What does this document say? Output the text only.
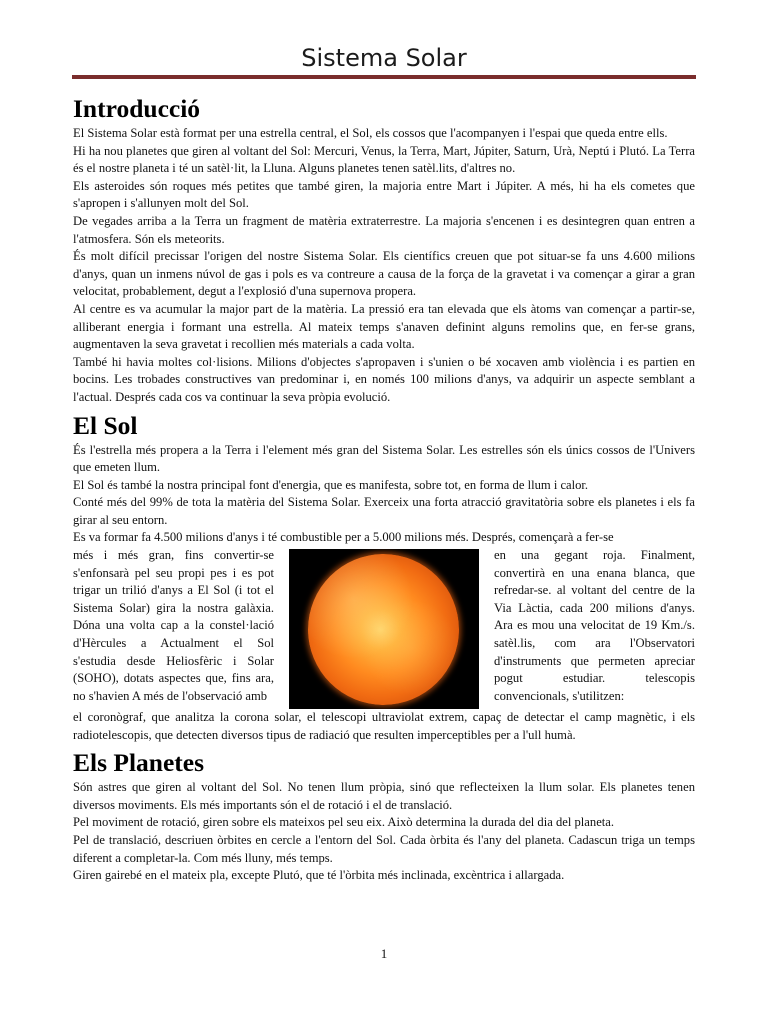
Sistema Solar
Introducció

El Sistema Solar està format per una estrella central, el Sol, els cossos que l'acompanyen i l'espai que queda entre ells.

Hi ha nou planetes que giren al voltant del Sol: Mercuri, Venus, la Terra, Mart, Júpiter, Saturn, Urà, Neptú i Plutó. La Terra és el nostre planeta i té un satèl·lit, la Lluna. Alguns planetes tenen satèl.lits, d'altres no.

Els asteroides són roques més petites que també giren, la majoria entre Mart i Júpiter. A més, hi ha els cometes que s'apropen i s'allunyen molt del Sol.

De vegades arriba a la Terra un fragment de matèria extraterrestre. La majoria s'encenen i es desintegren quan entren a l'atmosfera. Són els meteorits.

És molt difícil precissar l'origen del nostre Sistema Solar. Els científics creuen que pot situar-se fa uns 4.600 milions d'anys, quan un inmens núvol de gas i pols es va contreure a causa de la força de la gravetat i va començar a girar a gran velocitat, probablement, degut a l'explosió d'una supernova propera.

Al centre es va acumular la major part de la matèria. La pressió era tan elevada que els àtoms van començar a partir-se, alliberant energia i formant una estrella. Al mateix temps s'anaven definint alguns remolins que, en fer-se grans, augmentaven la seva gravetat i recollien més materials a cada volta.

També hi havia moltes col·lisions. Milions d'objectes s'apropaven i s'unien o bé xocaven amb violència i es partien en bocins. Les trobades constructives van predominar i, en només 100 milions d'anys, va adquirir un aspecte semblant a l'actual. Després cada cos va continuar la seva pròpia evolució.

El Sol

És l'estrella més propera a la Terra i l'element més gran del Sistema Solar. Les estrelles són els únics cossos de l'Univers que emeten llum.

El Sol és també la nostra principal font d'energia, que es manifesta, sobre tot, en forma de llum i calor.

Conté més del 99% de tota la matèria del Sistema Solar. Exerceix una forta atracció gravitatòria sobre els planetes i els fa girar al seu entorn.

Es va formar fa 4.500 milions d'anys i té combustible per a 5.000 milions més. Després, començarà a fer-se

més i més gran, fins convertir-se s'enfonsarà pel seu propi pes i es pot trigar un trilió d'anys a El Sol (i tot el Sistema Solar) gira la nostra galàxia. Dóna una volta cap a la constel·lació d'Hèrcules a Actualment el Sol s'estudia desde Heliosfèric i Solar (SOHO), dotats aspectes que, fins ara, no s'havien A més de l'observació amb

en una gegant roja. Finalment, convertirà en una enana blanca, que refredar-se. al voltant del centre de la Via Làctia, cada 200 milions d'anys. Ara es mou una velocitat de 19 Km./s. satèl.lis, com ara l'Observatori d'instruments que permeten apreciar pogut estudiar. telescopis convencionals, s'utilitzen:

el coronògraf, que analitza la corona solar, el telescopi ultraviolat extrem, capaç de detectar el camp magnètic, i els radiotelescopis, que detecten diversos tipus de radiació que resulten imperceptibles per a l'ull humà.

Els Planetes

Són astres que giren al voltant del Sol. No tenen llum pròpia, sinó que reflecteixen la llum solar. Els planetes tenen diversos moviments. Els més importants són el de rotació i el de translació.

Pel moviment de rotació, giren sobre els mateixos pel seu eix. Això determina la durada del dia del planeta.

Pel de translació, descriuen òrbites en cercle a l'entorn del Sol. Cada òrbita és l'any del planeta. Cadascun triga un temps diferent a completar-la. Com més lluny, més temps.

Giren gairebé en el mateix pla, excepte Plutó, que té l'òrbita més inclinada, excèntrica i allargada.

1
